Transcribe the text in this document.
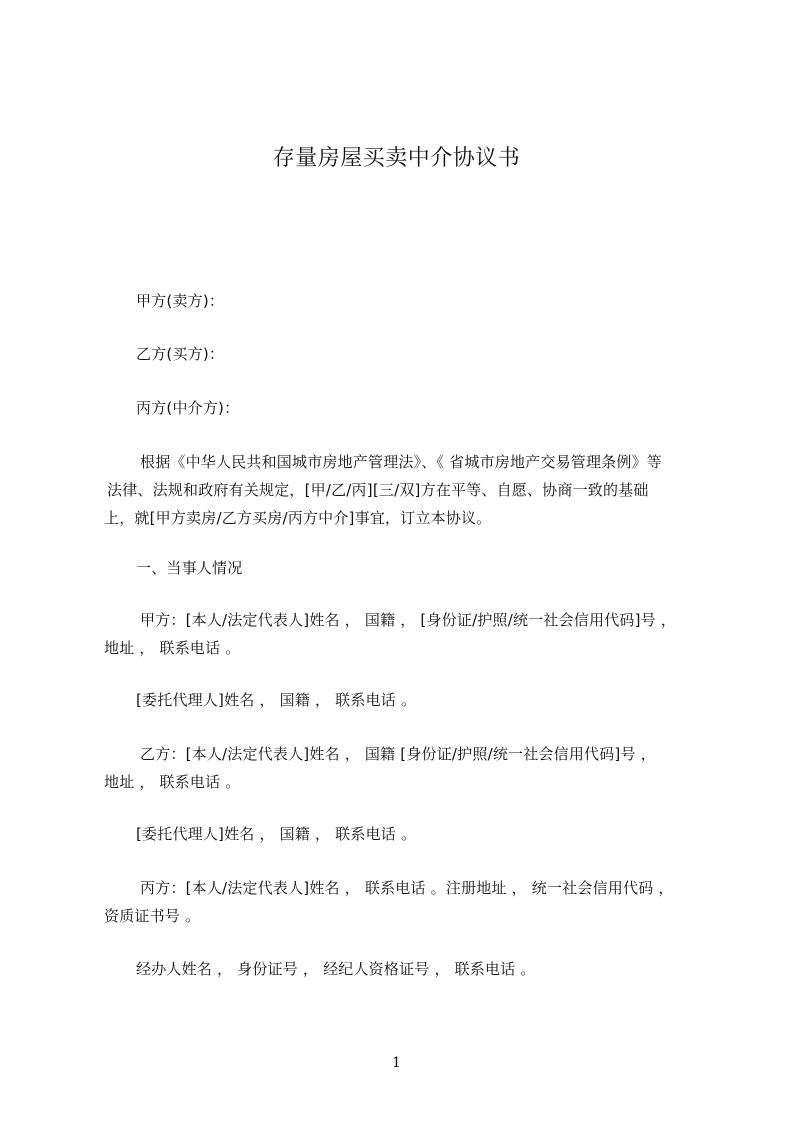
存量房屋买卖中介协议书
甲方(卖方)：
乙方(买方)：
丙方(中介方)：
根据《中华人民共和国城市房地产管理法》、《 省城市房地产交易管理条例》等
法律、法规和政府有关规定，[甲/乙/丙][三/双]方在平等、自愿、协商一致的基础
上，就[甲方卖房/乙方买房/丙方中介]事宜，订立本协议。
一、当事人情况
甲方：[本人/法定代表人]姓名 ， 国籍 ， [身份证/护照/统一社会信用代码]号 ，
地址 ， 联系电话 。
[委托代理人]姓名 ， 国籍 ， 联系电话 。
乙方：[本人/法定代表人]姓名 ， 国籍 [身份证/护照/统一社会信用代码]号 ，
地址 ， 联系电话 。
[委托代理人]姓名 ， 国籍 ， 联系电话 。
丙方：[本人/法定代表人]姓名 ， 联系电话 。注册地址 ， 统一社会信用代码 ，
资质证书号 。
经办人姓名 ， 身份证号 ， 经纪人资格证号 ， 联系电话 。
1
